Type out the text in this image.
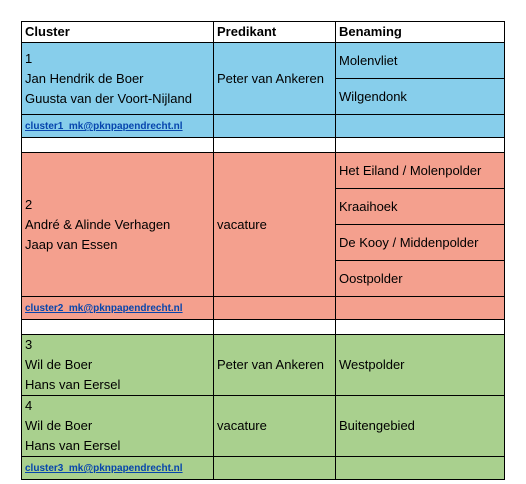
Cluster	Predikant	Benaming

1
Jan Hendrik de Boer
Guusta van der Voort-Nijland	Peter van Ankeren	Molenvliet
		Wilgendonk
cluster1_mk@pknpapendrecht.nl		

2
André & Alinde Verhagen
Jaap van Essen	vacature	Het Eiland / Molenpolder
		Kraaihoek
		De Kooy / Middenpolder
		Oostpolder
cluster2_mk@pknpapendrecht.nl		

3
Wil de Boer
Hans van Eersel	Peter van Ankeren	Westpolder

4
Wil de Boer
Hans van Eersel	vacature	Buitengebied
cluster3_mk@pknpapendrecht.nl		
